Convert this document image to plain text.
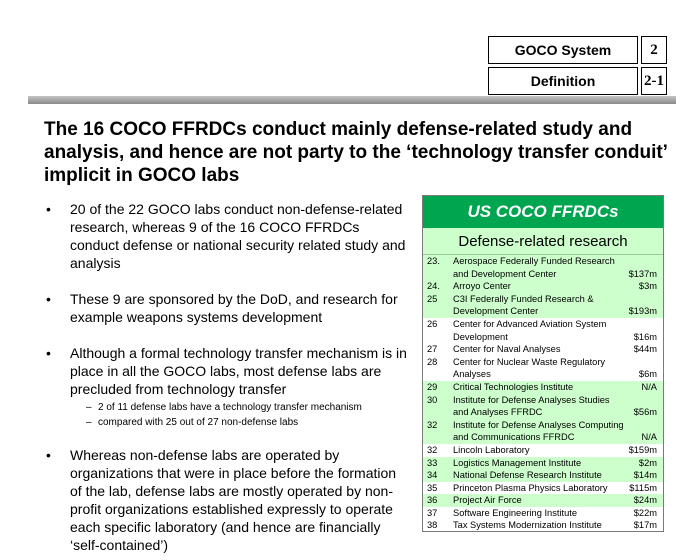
GOCO System	2
Definition	2-1
The 16 COCO FFRDCs conduct mainly defense-related study and analysis, and hence are not party to the ‘technology transfer conduit’ implicit in GOCO labs
• 20 of the 22 GOCO labs conduct non-defense-related research, whereas 9 of the 16 COCO FFRDCs conduct defense or national security related study and analysis
• These 9 are sponsored by the DoD, and research for example weapons systems development
• Although a formal technology transfer mechanism is in place in all the GOCO labs, most defense labs are precluded from technology transfer
– 2 of 11 defense labs have a technology transfer mechanism
– compared with 25 out of 27 non-defense labs
• Whereas non-defense labs are operated by organizations that were in place before the formation of the lab, defense labs are mostly operated by non-profit organizations established expressly to operate each specific laboratory (and hence are financially ‘self-contained’)
US COCO FFRDCs
Defense-related research
23. Aerospace Federally Funded Research
and Development Center	$137m
24. Arroyo Center	$3m
25 C3I Federally Funded Research &
Development Center	$193m
26 Center for Advanced Aviation System
Development	$16m
27 Center for Naval Analyses	$44m
28 Center for Nuclear Waste Regulatory
Analyses	$6m
29 Critical Technologies Institute	N/A
30 Institute for Defense Analyses Studies
and Analyses FFRDC	$56m
32 Institute for Defense Analyses Computing
and Communications FFRDC	N/A
32 Lincoln Laboratory	$159m
33 Logistics Management Institute	$2m
34 National Defense Research Institute	$14m
35 Princeton Plasma Physics Laboratory	$115m
36 Project Air Force	$24m
37 Software Engineering Institute	$22m
38 Tax Systems Modernization Institute	$17m
